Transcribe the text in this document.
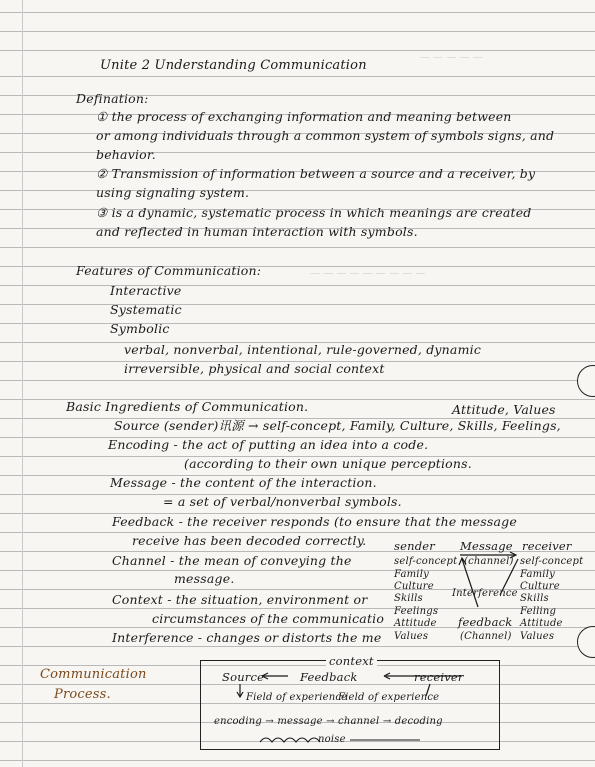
— — — — —
— — — — — — — — —
Unite 2 Understanding Communication
Defination:
① the process of exchanging information and meaning between
or among individuals through a common system of symbols signs, and
behavior.
② Transmission of information between a source and a receiver, by
using signaling system.
③ is a dynamic, systematic process in which meanings are created
and reflected in human interaction with symbols.
Features of Communication:
Interactive
Systematic
Symbolic
verbal, nonverbal, intentional, rule-governed, dynamic
irreversible, physical and social context
Basic Ingredients of Communication.	Attitude, Values
Source (sender)讯源 → self-concept, Family, Culture, Skills, Feelings,
Encoding - the act of putting an idea into a code.
(according to their own unique perceptions.
Message - the content of the interaction.
= a set of verbal/nonverbal symbols.
Feedback - the receiver responds (to ensure that the message
receive has been decoded correctly.
Channel - the mean of conveying the
message.
Context - the situation, environment or
circumstances of the communicatio
Interference - changes or distorts the me
sender Message receiver
(channel)
self-concept
Family
Culture
Skills
Feelings
Attitude
Values
self-concept
Family
Culture
Skills
Felling
Attitude
Values
Interference
feedback
(Channel)
Communication
Process.
context
Source	Feedback	receiver
Field of experience
Field of experience
encoding → message → channel → decoding
noise
